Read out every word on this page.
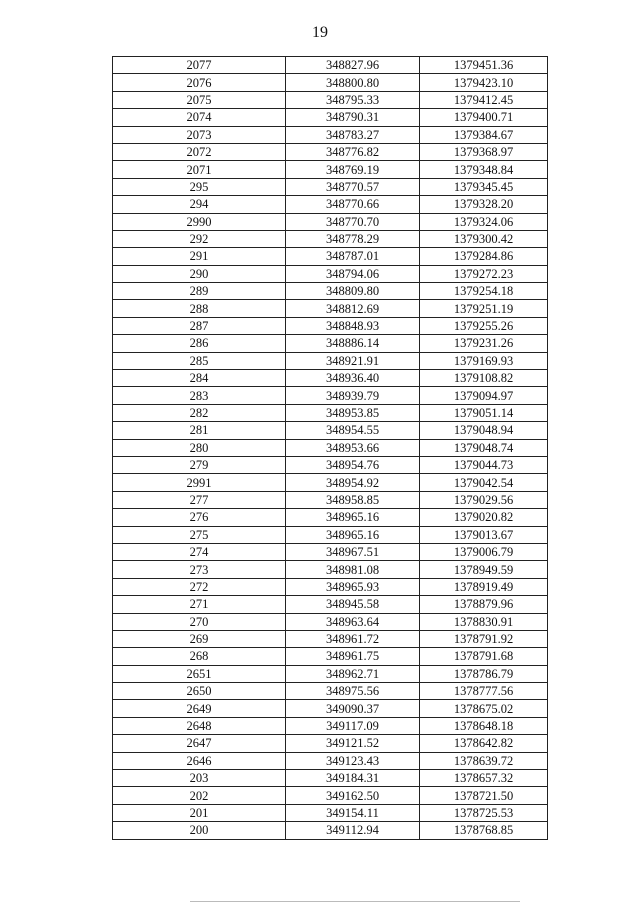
19
2077	348827.96	1379451.36
2076	348800.80	1379423.10
2075	348795.33	1379412.45
2074	348790.31	1379400.71
2073	348783.27	1379384.67
2072	348776.82	1379368.97
2071	348769.19	1379348.84
295	348770.57	1379345.45
294	348770.66	1379328.20
2990	348770.70	1379324.06
292	348778.29	1379300.42
291	348787.01	1379284.86
290	348794.06	1379272.23
289	348809.80	1379254.18
288	348812.69	1379251.19
287	348848.93	1379255.26
286	348886.14	1379231.26
285	348921.91	1379169.93
284	348936.40	1379108.82
283	348939.79	1379094.97
282	348953.85	1379051.14
281	348954.55	1379048.94
280	348953.66	1379048.74
279	348954.76	1379044.73
2991	348954.92	1379042.54
277	348958.85	1379029.56
276	348965.16	1379020.82
275	348965.16	1379013.67
274	348967.51	1379006.79
273	348981.08	1378949.59
272	348965.93	1378919.49
271	348945.58	1378879.96
270	348963.64	1378830.91
269	348961.72	1378791.92
268	348961.75	1378791.68
2651	348962.71	1378786.79
2650	348975.56	1378777.56
2649	349090.37	1378675.02
2648	349117.09	1378648.18
2647	349121.52	1378642.82
2646	349123.43	1378639.72
203	349184.31	1378657.32
202	349162.50	1378721.50
201	349154.11	1378725.53
200	349112.94	1378768.85
